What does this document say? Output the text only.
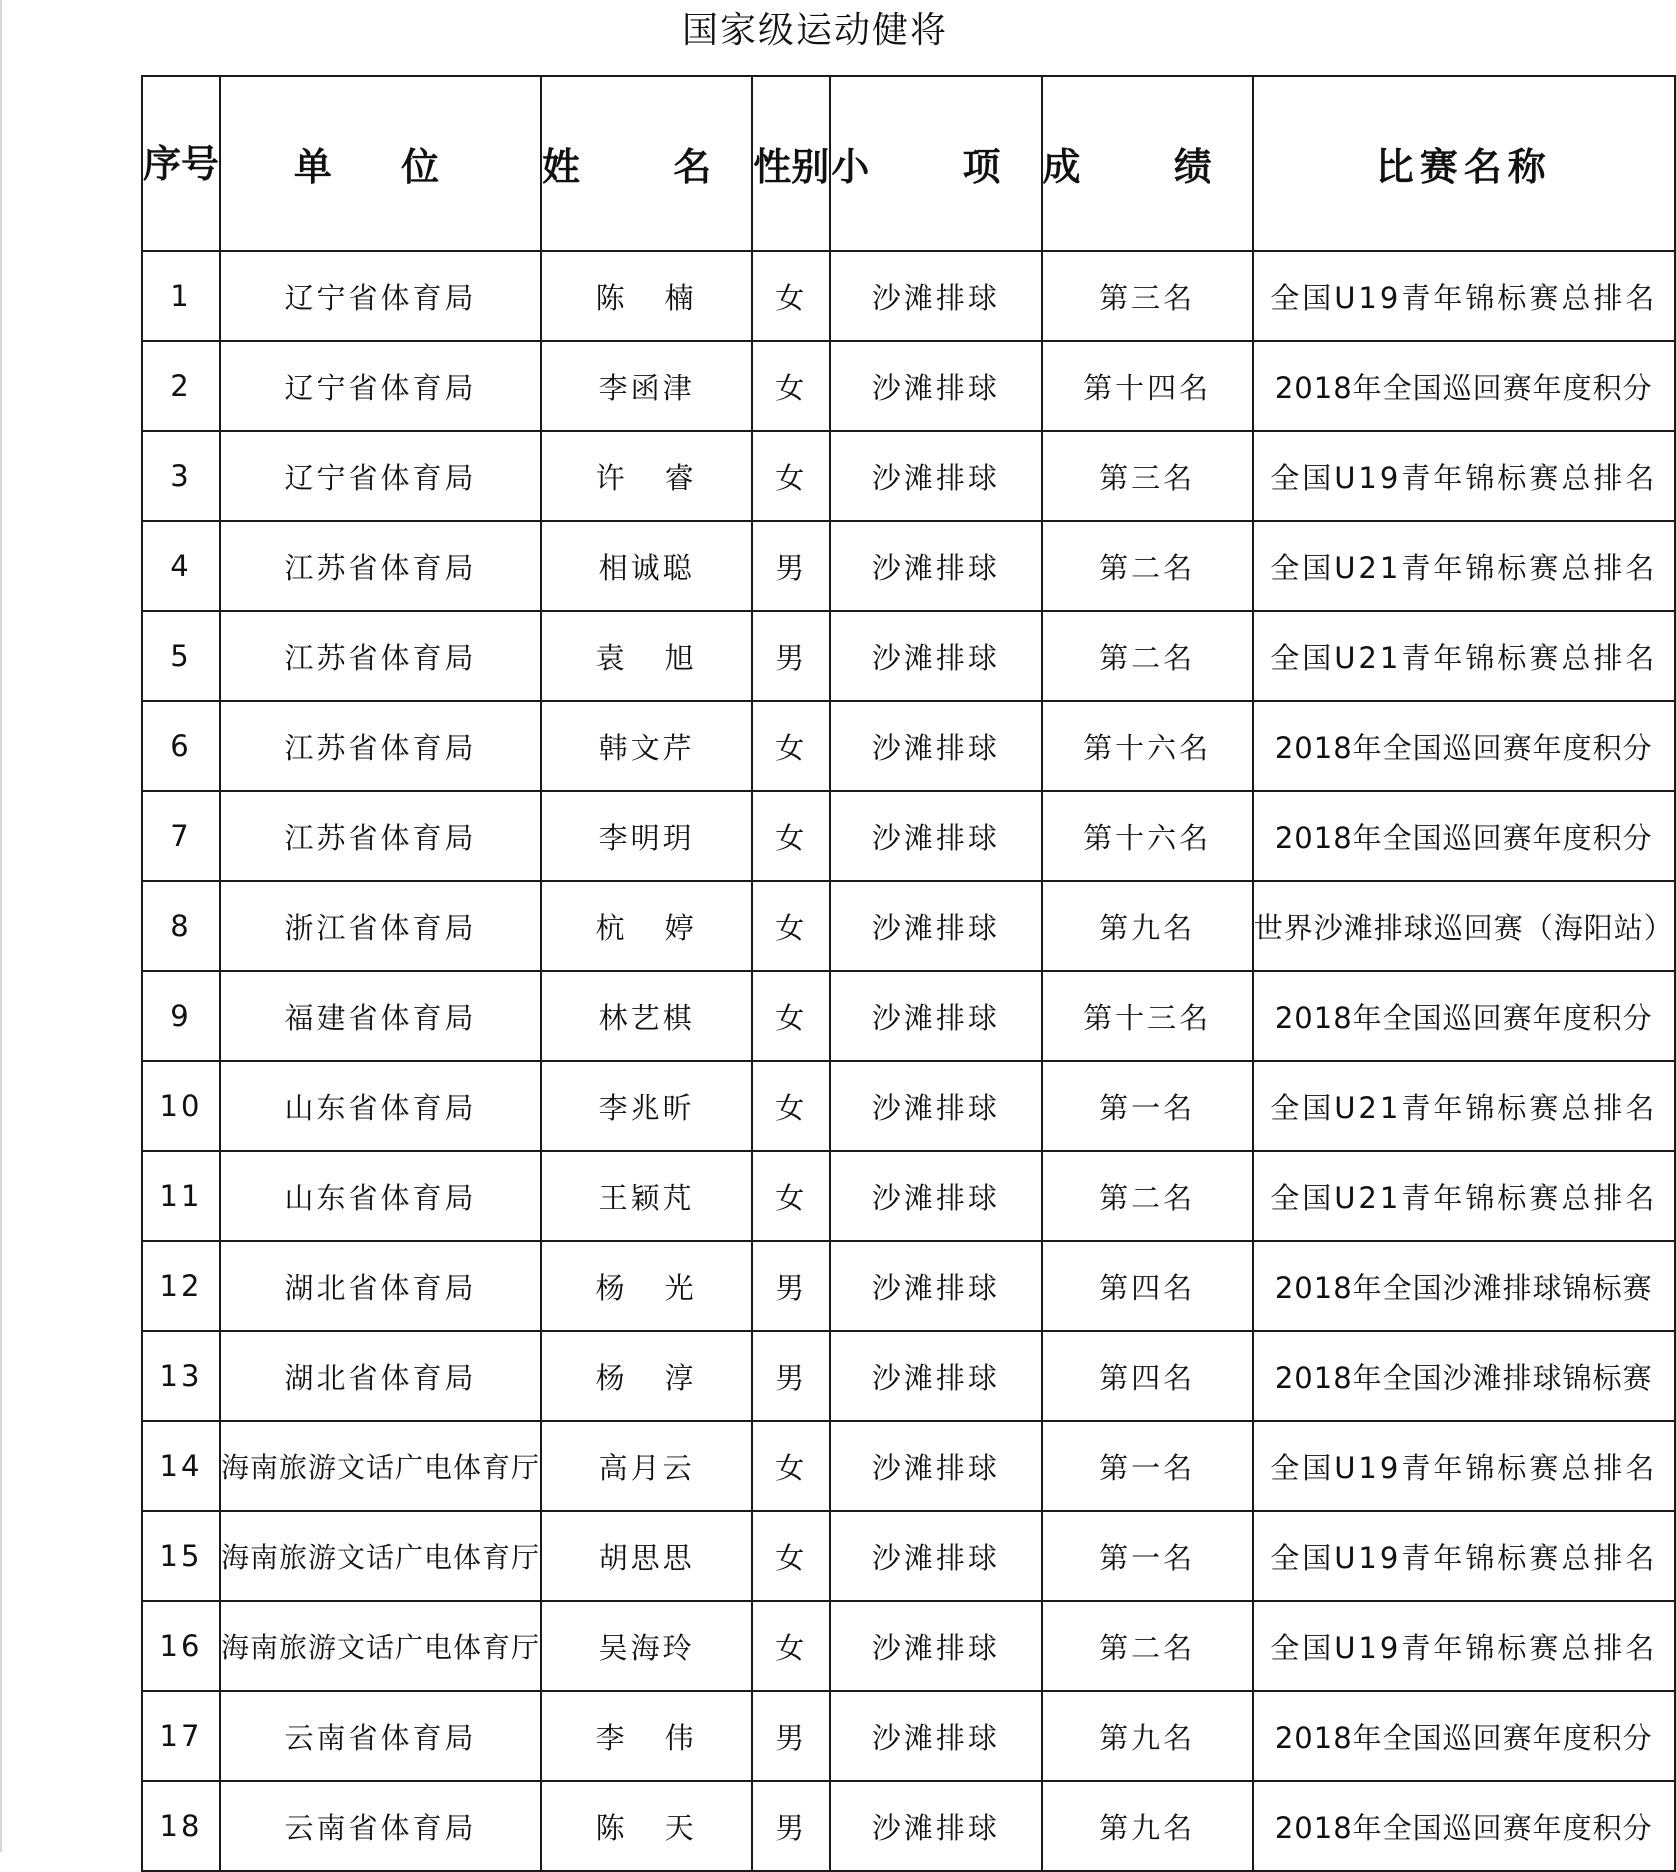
国家级运动健将
序号	单 位	姓 名	性别	小 项	成 绩	比赛名称
1	辽宁省体育局	陈楠	女	沙滩排球	第三名	全国U19青年锦标赛总排名
2	辽宁省体育局	李函津	女	沙滩排球	第十四名	2018年全国巡回赛年度积分
3	辽宁省体育局	许睿	女	沙滩排球	第三名	全国U19青年锦标赛总排名
4	江苏省体育局	相诚聪	男	沙滩排球	第二名	全国U21青年锦标赛总排名
5	江苏省体育局	袁旭	男	沙滩排球	第二名	全国U21青年锦标赛总排名
6	江苏省体育局	韩文芹	女	沙滩排球	第十六名	2018年全国巡回赛年度积分
7	江苏省体育局	李明玥	女	沙滩排球	第十六名	2018年全国巡回赛年度积分
8	浙江省体育局	杭婷	女	沙滩排球	第九名	世界沙滩排球巡回赛（海阳站）
9	福建省体育局	林艺棋	女	沙滩排球	第十三名	2018年全国巡回赛年度积分
10	山东省体育局	李兆昕	女	沙滩排球	第一名	全国U21青年锦标赛总排名
11	山东省体育局	王颖芃	女	沙滩排球	第二名	全国U21青年锦标赛总排名
12	湖北省体育局	杨光	男	沙滩排球	第四名	2018年全国沙滩排球锦标赛
13	湖北省体育局	杨淳	男	沙滩排球	第四名	2018年全国沙滩排球锦标赛
14	海南旅游文话广电体育厅	高月云	女	沙滩排球	第一名	全国U19青年锦标赛总排名
15	海南旅游文话广电体育厅	胡思思	女	沙滩排球	第一名	全国U19青年锦标赛总排名
16	海南旅游文话广电体育厅	吴海玲	女	沙滩排球	第二名	全国U19青年锦标赛总排名
17	云南省体育局	李伟	男	沙滩排球	第九名	2018年全国巡回赛年度积分
18	云南省体育局	陈天	男	沙滩排球	第九名	2018年全国巡回赛年度积分
